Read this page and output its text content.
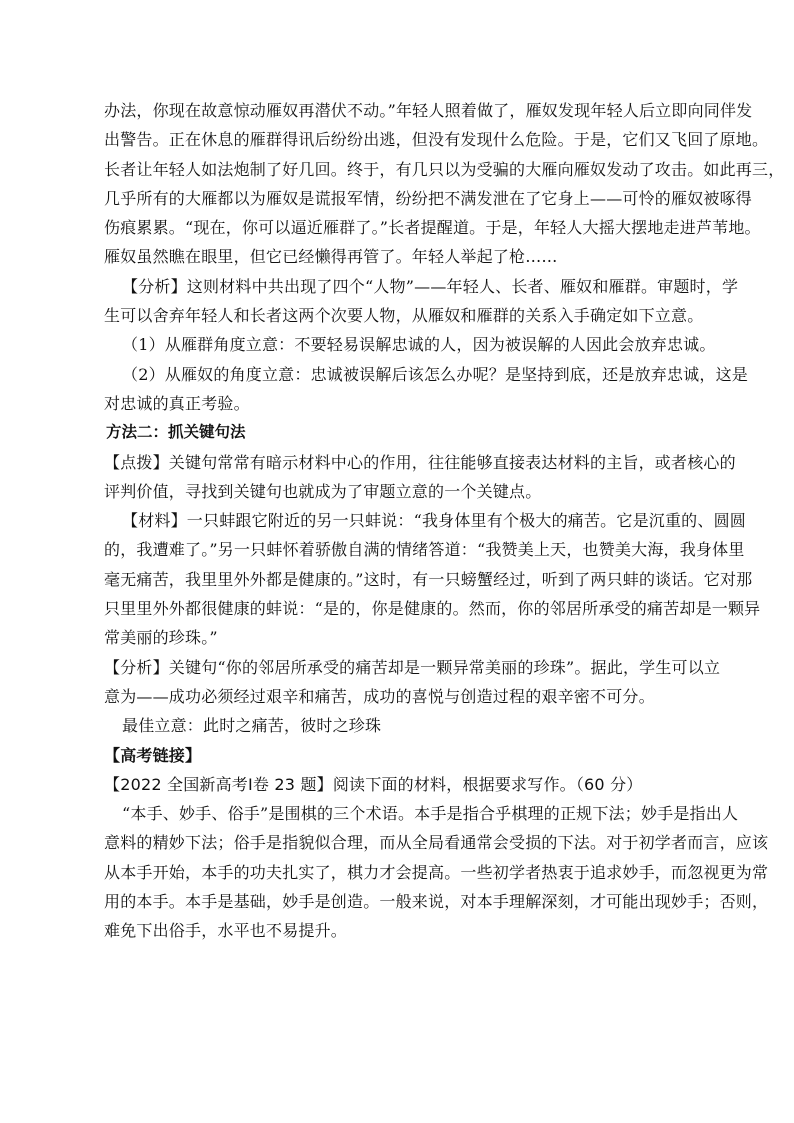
办法，你现在故意惊动雁奴再潜伏不动。”年轻人照着做了，雁奴发现年轻人后立即向同伴发
出警告。正在休息的雁群得讯后纷纷出逃，但没有发现什么危险。于是，它们又飞回了原地。
长者让年轻人如法炮制了好几回。终于，有几只以为受骗的大雁向雁奴发动了攻击。如此再三，
几乎所有的大雁都以为雁奴是谎报军情，纷纷把不满发泄在了它身上——可怜的雁奴被啄得
伤痕累累。“现在，你可以逼近雁群了。”长者提醒道。于是，年轻人大摇大摆地走进芦苇地。
雁奴虽然瞧在眼里，但它已经懒得再管了。年轻人举起了枪……
【分析】这则材料中共出现了四个“人物”——年轻人、长者、雁奴和雁群。审题时，学
生可以舍弃年轻人和长者这两个次要人物，从雁奴和雁群的关系入手确定如下立意。
（1）从雁群角度立意：不要轻易误解忠诚的人，因为被误解的人因此会放弃忠诚。
（2）从雁奴的角度立意：忠诚被误解后该怎么办呢？是坚持到底，还是放弃忠诚，这是
对忠诚的真正考验。
方法二：抓关键句法
【点拨】关键句常常有暗示材料中心的作用，往往能够直接表达材料的主旨，或者核心的
评判价值，寻找到关键句也就成为了审题立意的一个关键点。
【材料】一只蚌跟它附近的另一只蚌说：“我身体里有个极大的痛苦。它是沉重的、圆圆
的，我遭难了。”另一只蚌怀着骄傲自满的情绪答道：“我赞美上天，也赞美大海，我身体里
毫无痛苦，我里里外外都是健康的。”这时，有一只螃蟹经过，听到了两只蚌的谈话。它对那
只里里外外都很健康的蚌说：“是的，你是健康的。然而，你的邻居所承受的痛苦却是一颗异
常美丽的珍珠。”
【分析】关键句“你的邻居所承受的痛苦却是一颗异常美丽的珍珠”。据此，学生可以立
意为——成功必须经过艰辛和痛苦，成功的喜悦与创造过程的艰辛密不可分。
最佳立意：此时之痛苦，彼时之珍珠
【高考链接】
【2022 全国新高考Ⅰ卷 23 题】阅读下面的材料，根据要求写作。（60 分）
“本手、妙手、俗手”是围棋的三个术语。本手是指合乎棋理的正规下法；妙手是指出人
意料的精妙下法；俗手是指貌似合理，而从全局看通常会受损的下法。对于初学者而言，应该
从本手开始，本手的功夫扎实了，棋力才会提高。一些初学者热衷于追求妙手，而忽视更为常
用的本手。本手是基础，妙手是创造。一般来说，对本手理解深刻，才可能出现妙手；否则，
难免下出俗手，水平也不易提升。
